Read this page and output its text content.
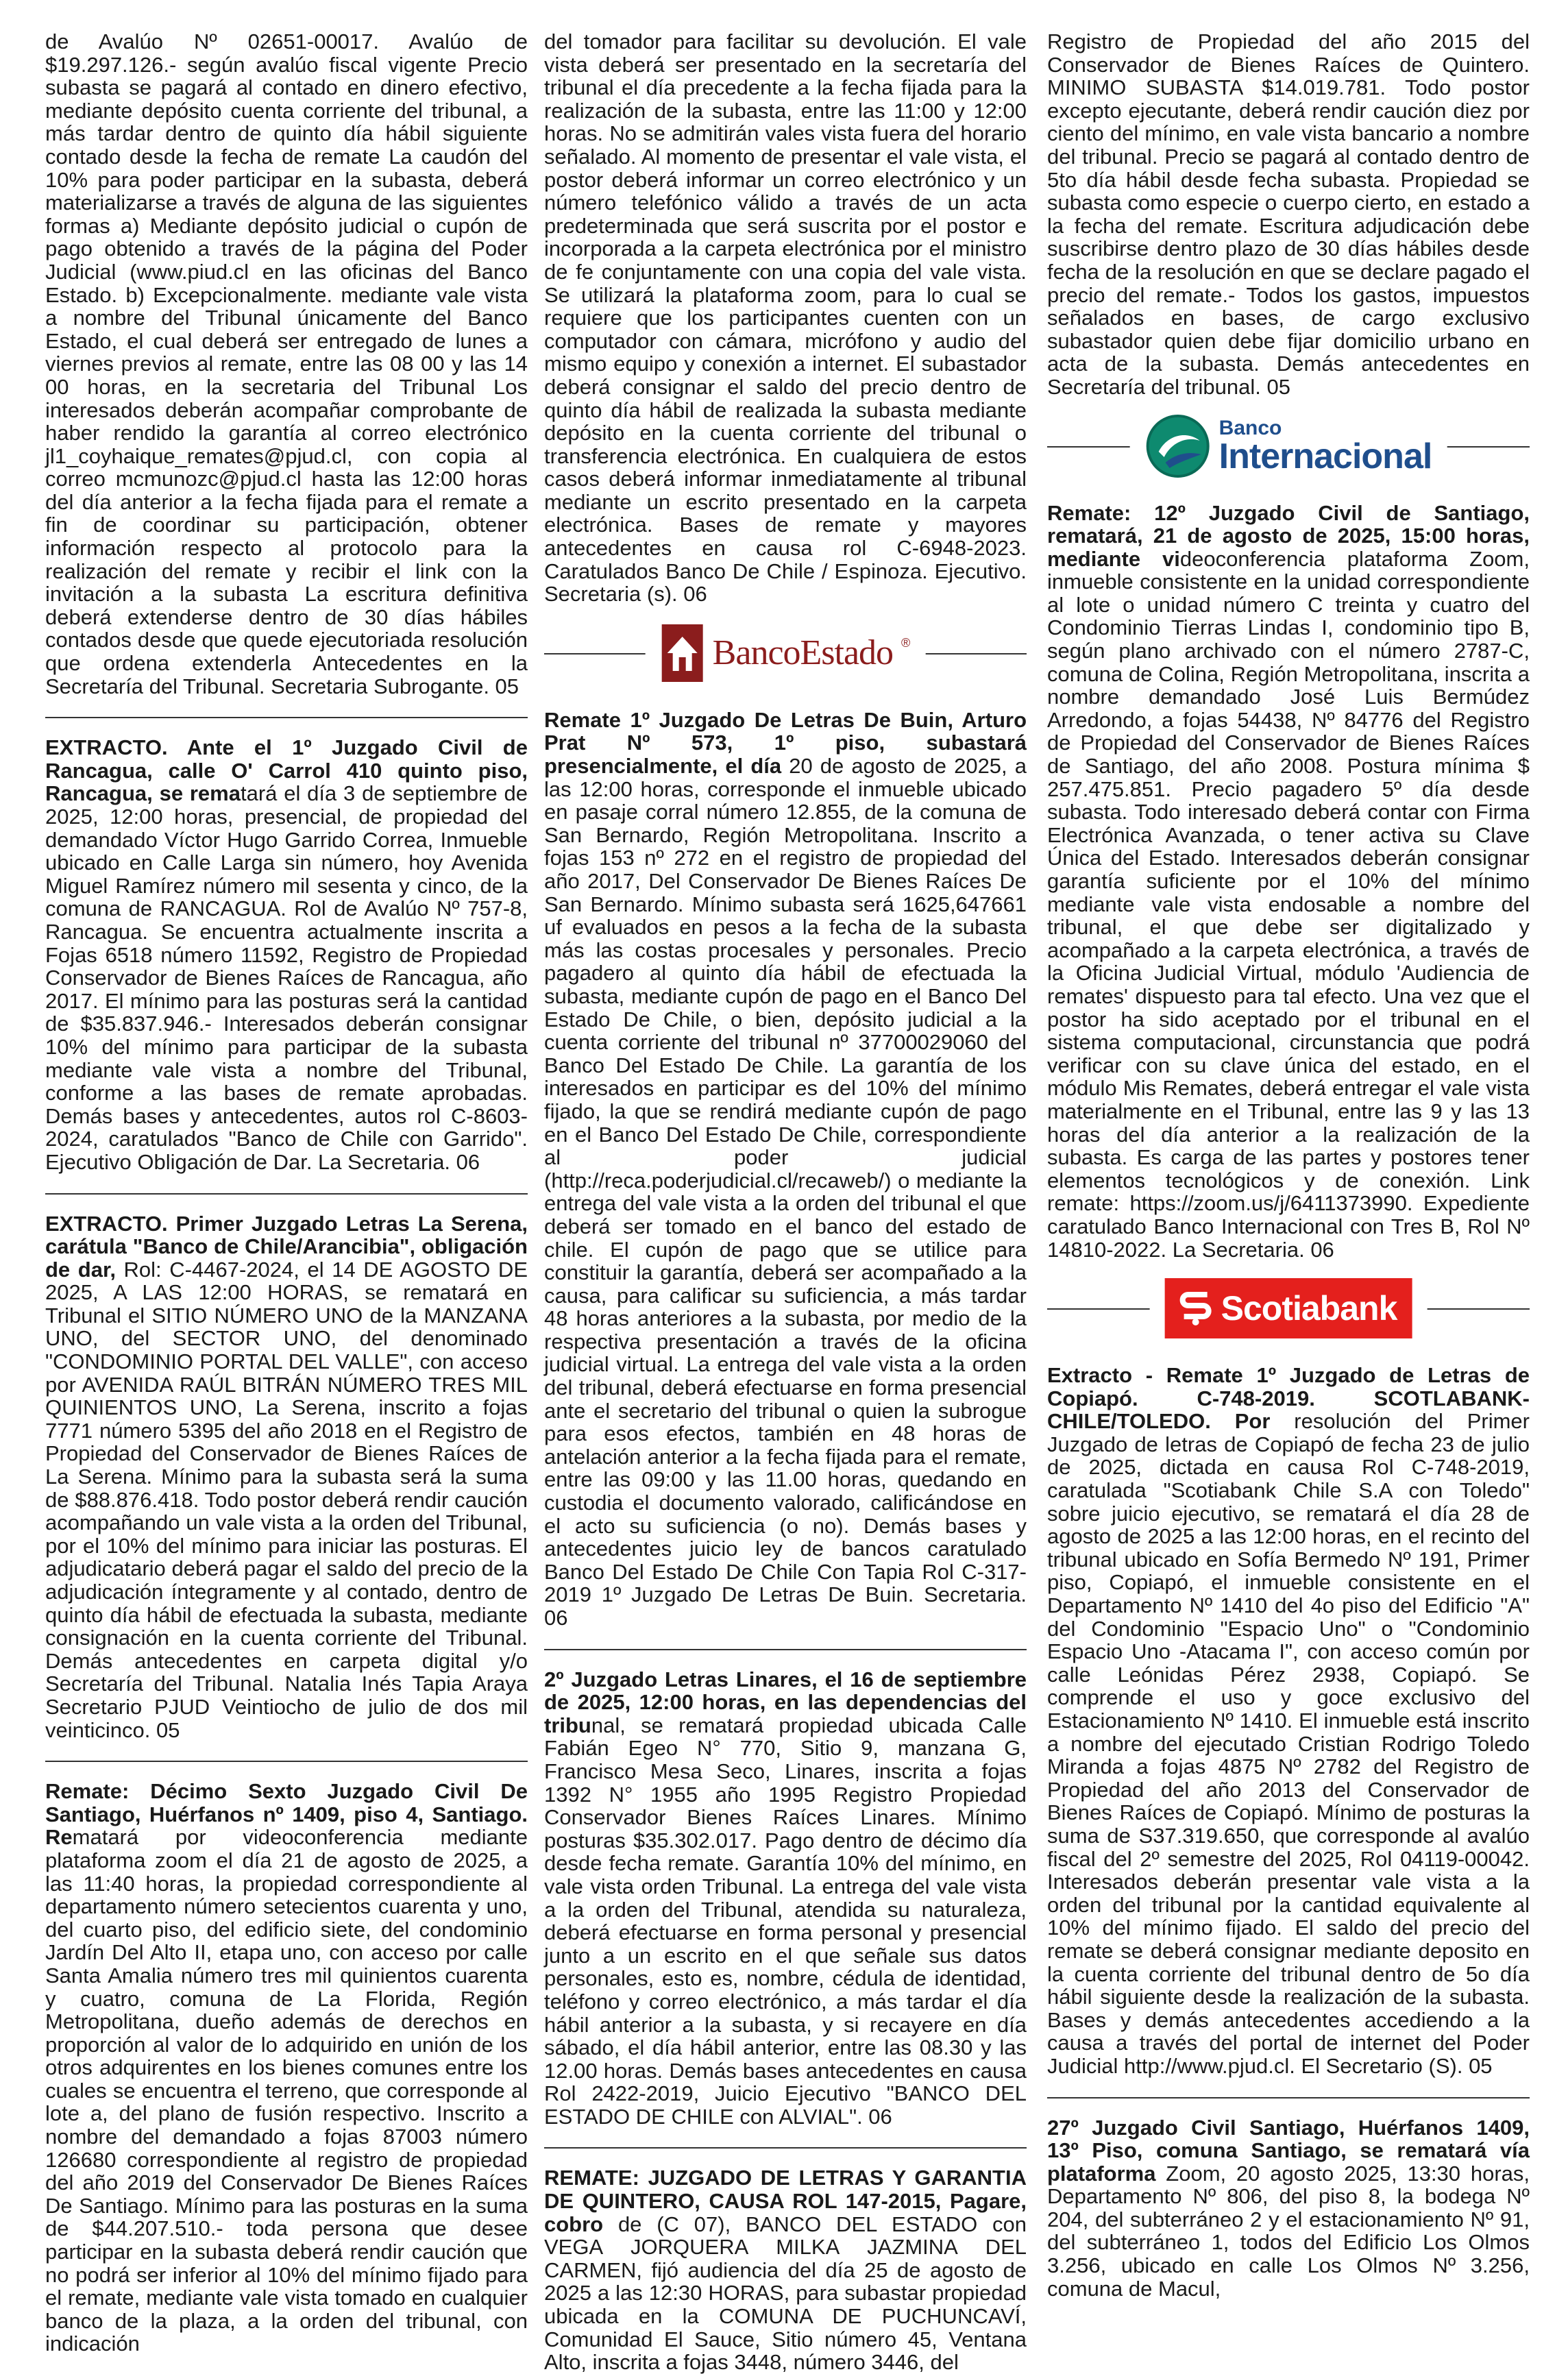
de Avalúo Nº 02651-00017. Avalúo de $19.297.126.- según avalúo fiscal vigente Precio subasta se pagará al contado en dinero efectivo, mediante depósito cuenta corriente del tribunal, a más tardar dentro de quinto día hábil siguiente contado desde la fecha de remate La caudón del 10% para poder participar en la subasta, deberá materializarse a través de alguna de las siguientes formas a) Mediante depósito judicial o cupón de pago obtenido a través de la página del Poder Judicial (www.piud.cl en las oficinas del Banco Estado. b) Excepcionalmente. mediante vale vista a nombre del Tribunal únicamente del Banco Estado, el cual deberá ser entregado de lunes a viernes previos al remate, entre las 08 00 y las 14 00 horas, en la secretaria del Tribunal Los interesados deberán acompañar comprobante de haber rendido la garantía al correo electrónico jl1_coyhaique_remates@pjud.cl, con copia al correo mcmunozc@pjud.cl hasta las 12:00 horas del día anterior a la fecha fijada para el remate a fin de coordinar su participación, obtener información respecto al protocolo para la realización del remate y recibir el link con la invitación a la subasta La escritura definitiva deberá extenderse dentro de 30 días hábiles contados desde que quede ejecutoriada resolución que ordena extenderla Antecedentes en la Secretaría del Tribunal. Secretaria Subrogante. 05

EXTRACTO. Ante el 1º Juzgado Civil de Rancagua, calle O' Carrol 410 quinto piso, Rancagua, se rematará el día 3 de septiembre de 2025, 12:00 horas, presencial, de propiedad del demandado Víctor Hugo Garrido Correa, Inmueble ubicado en Calle Larga sin número, hoy Avenida Miguel Ramírez número mil sesenta y cinco, de la comuna de RANCAGUA. Rol de Avalúo Nº 757-8, Rancagua. Se encuentra actualmente inscrita a Fojas 6518 número 11592, Registro de Propiedad Conservador de Bienes Raíces de Rancagua, año 2017. El mínimo para las posturas será la cantidad de $35.837.946.- Interesados deberán consignar 10% del mínimo para participar de la subasta mediante vale vista a nombre del Tribunal, conforme a las bases de remate aprobadas. Demás bases y antecedentes, autos rol C-8603-2024, caratulados "Banco de Chile con Garrido". Ejecutivo Obligación de Dar. La Secretaria. 06

EXTRACTO. Primer Juzgado Letras La Serena, carátula "Banco de Chile/Arancibia", obligación de dar, Rol: C-4467-2024, el 14 DE AGOSTO DE 2025, A LAS 12:00 HORAS, se rematará en Tribunal el SITIO NÚMERO UNO de la MANZANA UNO, del SECTOR UNO, del denominado "CONDOMINIO PORTAL DEL VALLE", con acceso por AVENIDA RAÚL BITRÁN NÚMERO TRES MIL QUINIENTOS UNO, La Serena, inscrito a fojas 7771 número 5395 del año 2018 en el Registro de Propiedad del Conservador de Bienes Raíces de La Serena. Mínimo para la subasta será la suma de $88.876.418. Todo postor deberá rendir caución acompañando un vale vista a la orden del Tribunal, por el 10% del mínimo para iniciar las posturas. El adjudicatario deberá pagar el saldo del precio de la adjudicación íntegramente y al contado, dentro de quinto día hábil de efectuada la subasta, mediante consignación en la cuenta corriente del Tribunal. Demás antecedentes en carpeta digital y/o Secretaría del Tribunal. Natalia Inés Tapia Araya Secretario PJUD Veintiocho de julio de dos mil veinticinco. 05

Remate: Décimo Sexto Juzgado Civil De Santiago, Huérfanos nº 1409, piso 4, Santiago. Rematará por videoconferencia mediante plataforma zoom el día 21 de agosto de 2025, a las 11:40 horas, la propiedad correspondiente al departamento número setecientos cuarenta y uno, del cuarto piso, del edificio siete, del condominio Jardín Del Alto II, etapa uno, con acceso por calle Santa Amalia número tres mil quinientos cuarenta y cuatro, comuna de La Florida, Región Metropolitana, dueño además de derechos en proporción al valor de lo adquirido en unión de los otros adquirentes en los bienes comunes entre los cuales se encuentra el terreno, que corresponde al lote a, del plano de fusión respectivo. Inscrito a nombre del demandado a fojas 87003 número 126680 correspondiente al registro de propiedad del año 2019 del Conservador De Bienes Raíces De Santiago. Mínimo para las posturas en la suma de $44.207.510.- toda persona que desee participar en la subasta deberá rendir caución que no podrá ser inferior al 10% del mínimo fijado para el remate, mediante vale vista tomado en cualquier banco de la plaza, a la orden del tribunal, con indicación

del tomador para facilitar su devolución. El vale vista deberá ser presentado en la secretaría del tribunal el día precedente a la fecha fijada para la realización de la subasta, entre las 11:00 y 12:00 horas. No se admitirán vales vista fuera del horario señalado. Al momento de presentar el vale vista, el postor deberá informar un correo electrónico y un número telefónico válido a través de un acta predeterminada que será suscrita por el postor e incorporada a la carpeta electrónica por el ministro de fe conjuntamente con una copia del vale vista. Se utilizará la plataforma zoom, para lo cual se requiere que los participantes cuenten con un computador con cámara, micrófono y audio del mismo equipo y conexión a internet. El subastador deberá consignar el saldo del precio dentro de quinto día hábil de realizada la subasta mediante depósito en la cuenta corriente del tribunal o transferencia electrónica. En cualquiera de estos casos deberá informar inmediatamente al tribunal mediante un escrito presentado en la carpeta electrónica. Bases de remate y mayores antecedentes en causa rol C-6948-2023. Caratulados Banco De Chile / Espinoza. Ejecutivo. Secretaria (s). 06

BancoEstado ®

Remate 1º Juzgado De Letras De Buin, Arturo Prat Nº 573, 1º piso, subastará presencialmente, el día 20 de agosto de 2025, a las 12:00 horas, corresponde el inmueble ubicado en pasaje corral número 12.855, de la comuna de San Bernardo, Región Metropolitana. Inscrito a fojas 153 nº 272 en el registro de propiedad del año 2017, Del Conservador De Bienes Raíces De San Bernardo. Mínimo subasta será 1625,647661 uf evaluados en pesos a la fecha de la subasta más las costas procesales y personales. Precio pagadero al quinto día hábil de efectuada la subasta, mediante cupón de pago en el Banco Del Estado De Chile, o bien, depósito judicial a la cuenta corriente del tribunal nº 37700029060 del Banco Del Estado De Chile. La garantía de los interesados en participar es del 10% del mínimo fijado, la que se rendirá mediante cupón de pago en el Banco Del Estado De Chile, correspondiente al poder judicial (http://reca.poderjudicial.cl/recaweb/) o mediante la entrega del vale vista a la orden del tribunal el que deberá ser tomado en el banco del estado de chile. El cupón de pago que se utilice para constituir la garantía, deberá ser acompañado a la causa, para calificar su suficiencia, a más tardar 48 horas anteriores a la subasta, por medio de la respectiva presentación a través de la oficina judicial virtual. La entrega del vale vista a la orden del tribunal, deberá efectuarse en forma presencial ante el secretario del tribunal o quien la subrogue para esos efectos, también en 48 horas de antelación anterior a la fecha fijada para el remate, entre las 09:00 y las 11.00 horas, quedando en custodia el documento valorado, calificándose en el acto su suficiencia (o no). Demás bases y antecedentes juicio ley de bancos caratulado Banco Del Estado De Chile Con Tapia Rol C-317-2019 1º Juzgado De Letras De Buin. Secretaria. 06

2º Juzgado Letras Linares, el 16 de septiembre de 2025, 12:00 horas, en las dependencias del tribunal, se rematará propiedad ubicada Calle Fabián Egeo N° 770, Sitio 9, manzana G, Francisco Mesa Seco, Linares, inscrita a fojas 1392 N° 1955 año 1995 Registro Propiedad Conservador Bienes Raíces Linares. Mínimo posturas $35.302.017. Pago dentro de décimo día desde fecha remate. Garantía 10% del mínimo, en vale vista orden Tribunal. La entrega del vale vista a la orden del Tribunal, atendida su naturaleza, deberá efectuarse en forma personal y presencial junto a un escrito en el que señale sus datos personales, esto es, nombre, cédula de identidad, teléfono y correo electrónico, a más tardar el día hábil anterior a la subasta, y si recayere en día sábado, el día hábil anterior, entre las 08.30 y las 12.00 horas. Demás bases antecedentes en causa Rol 2422-2019, Juicio Ejecutivo "BANCO DEL ESTADO DE CHILE con ALVIAL". 06

REMATE: JUZGADO DE LETRAS Y GARANTIA DE QUINTERO, CAUSA ROL 147-2015, Pagare, cobro de (C 07), BANCO DEL ESTADO con VEGA JORQUERA MILKA JAZMINA DEL CARMEN, fijó audiencia del día 25 de agosto de 2025 a las 12:30 HORAS, para subastar propiedad ubicada en la COMUNA DE PUCHUNCAVÍ, Comunidad El Sauce, Sitio número 45, Ventana Alto, inscrita a fojas 3448, número 3446, del

Registro de Propiedad del año 2015 del Conservador de Bienes Raíces de Quintero. MINIMO SUBASTA $14.019.781. Todo postor excepto ejecutante, deberá rendir caución diez por ciento del mínimo, en vale vista bancario a nombre del tribunal. Precio se pagará al contado dentro de 5to día hábil desde fecha subasta. Propiedad se subasta como especie o cuerpo cierto, en estado a la fecha del remate. Escritura adjudicación debe suscribirse dentro plazo de 30 días hábiles desde fecha de la resolución en que se declare pagado el precio del remate.- Todos los gastos, impuestos señalados en bases, de cargo exclusivo subastador quien debe fijar domicilio urbano en acta de la subasta. Demás antecedentes en Secretaría del tribunal. 05

Banco
Internacional

Remate: 12º Juzgado Civil de Santiago, rematará, 21 de agosto de 2025, 15:00 horas, mediante videoconferencia plataforma Zoom, inmueble consistente en la unidad correspondiente al lote o unidad número C treinta y cuatro del Condominio Tierras Lindas I, condominio tipo B, según plano archivado con el número 2787-C, comuna de Colina, Región Metropolitana, inscrita a nombre demandado José Luis Bermúdez Arredondo, a fojas 54438, Nº 84776 del Registro de Propiedad del Conservador de Bienes Raíces de Santiago, del año 2008. Postura mínima $ 257.475.851. Precio pagadero 5º día desde subasta. Todo interesado deberá contar con Firma Electrónica Avanzada, o tener activa su Clave Única del Estado. Interesados deberán consignar garantía suficiente por el 10% del mínimo mediante vale vista endosable a nombre del tribunal, el que debe ser digitalizado y acompañado a la carpeta electrónica, a través de la Oficina Judicial Virtual, módulo 'Audiencia de remates' dispuesto para tal efecto. Una vez que el postor ha sido aceptado por el tribunal en el sistema computacional, circunstancia que podrá verificar con su clave única del estado, en el módulo Mis Remates, deberá entregar el vale vista materialmente en el Tribunal, entre las 9 y las 13 horas del día anterior a la realización de la subasta. Es carga de las partes y postores tener elementos tecnológicos y de conexión. Link remate: https://zoom.us/j/6411373990. Expediente caratulado Banco Internacional con Tres B, Rol Nº 14810-2022. La Secretaria. 06

Scotiabank

Extracto - Remate 1º Juzgado de Letras de Copiapó. C-748-2019. SCOTLABANK-CHILE/TOLEDO. Por resolución del Primer Juzgado de letras de Copiapó de fecha 23 de julio de 2025, dictada en causa Rol C-748-2019, caratulada "Scotiabank Chile S.A con Toledo" sobre juicio ejecutivo, se rematará el día 28 de agosto de 2025 a las 12:00 horas, en el recinto del tribunal ubicado en Sofía Bermedo Nº 191, Primer piso, Copiapó, el inmueble consistente en el Departamento Nº 1410 del 4o piso del Edificio "A" del Condominio "Espacio Uno" o "Condominio Espacio Uno -Atacama I", con acceso común por calle Leónidas Pérez 2938, Copiapó. Se comprende el uso y goce exclusivo del Estacionamiento Nº 1410. El inmueble está inscrito a nombre del ejecutado Cristian Rodrigo Toledo Miranda a fojas 4875 Nº 2782 del Registro de Propiedad del año 2013 del Conservador de Bienes Raíces de Copiapó. Mínimo de posturas la suma de S37.319.650, que corresponde al avalúo fiscal del 2º semestre del 2025, Rol 04119-00042. Interesados deberán presentar vale vista a la orden del tribunal por la cantidad equivalente al 10% del mínimo fijado. El saldo del precio del remate se deberá consignar mediante deposito en la cuenta corriente del tribunal dentro de 5o día hábil siguiente desde la realización de la subasta. Bases y demás antecedentes accediendo a la causa a través del portal de internet del Poder Judicial http://www.pjud.cl. El Secretario (S). 05

27º Juzgado Civil Santiago, Huérfanos 1409, 13º Piso, comuna Santiago, se rematará vía plataforma Zoom, 20 agosto 2025, 13:30 horas, Departamento Nº 806, del piso 8, la bodega Nº 204, del subterráneo 2 y el estacionamiento Nº 91, del subterráneo 1, todos del Edificio Los Olmos 3.256, ubicado en calle Los Olmos Nº 3.256, comuna de Macul,
